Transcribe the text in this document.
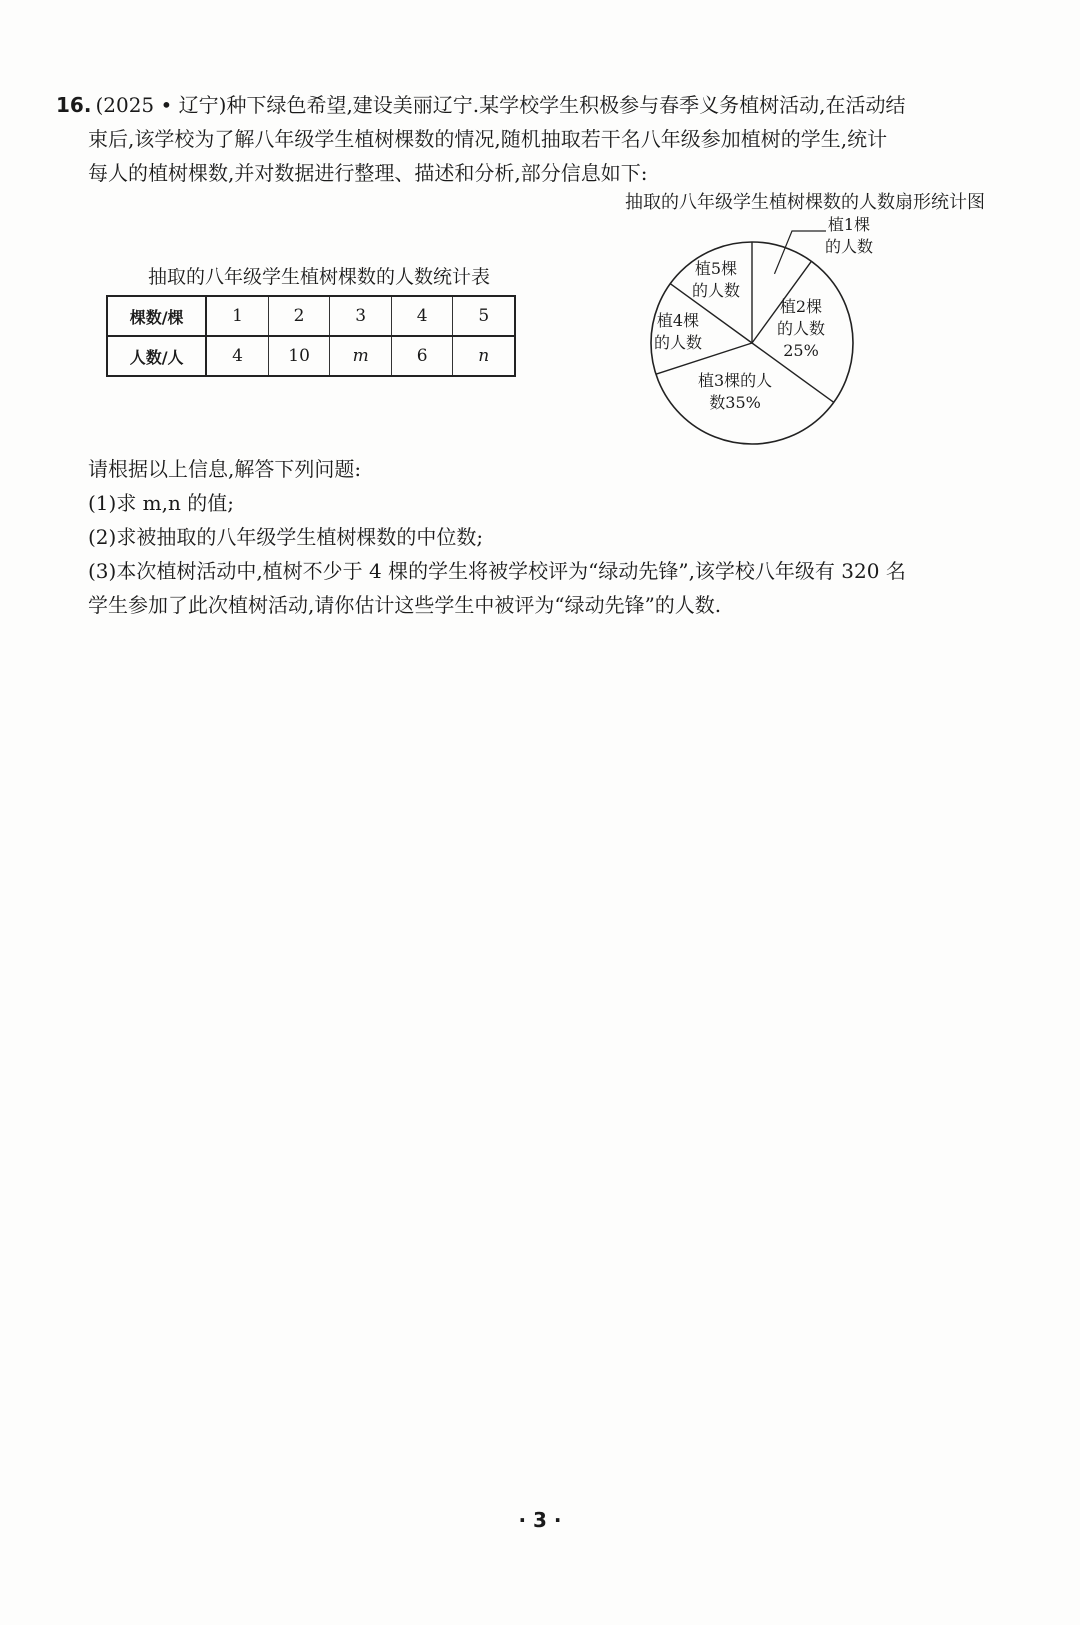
16. (2025 • 辽宁)种下绿色希望,建设美丽辽宁.某学校学生积极参与春季义务植树活动,在活动结
束后,该学校为了解八年级学生植树棵数的情况,随机抽取若干名八年级参加植树的学生,统计
每人的植树棵数,并对数据进行整理、描述和分析,部分信息如下:
抽取的八年级学生植树棵数的人数统计表
棵数/棵	1	2	3	4	5
人数/人	4	10	m	6	n
抽取的八年级学生植树棵数的人数扇形统计图
植1棵
的人数
植2棵
的人数
25%
植3棵的人
数35%
植4棵
的人数
植5棵
的人数

请根据以上信息,解答下列问题:

(1)求 m,n 的值;

(2)求被抽取的八年级学生植树棵数的中位数;

(3)本次植树活动中,植树不少于 4 棵的学生将被学校评为“绿动先锋”,该学校八年级有 320 名

学生参加了此次植树活动,请你估计这些学生中被评为“绿动先锋”的人数.

· 3 ·
